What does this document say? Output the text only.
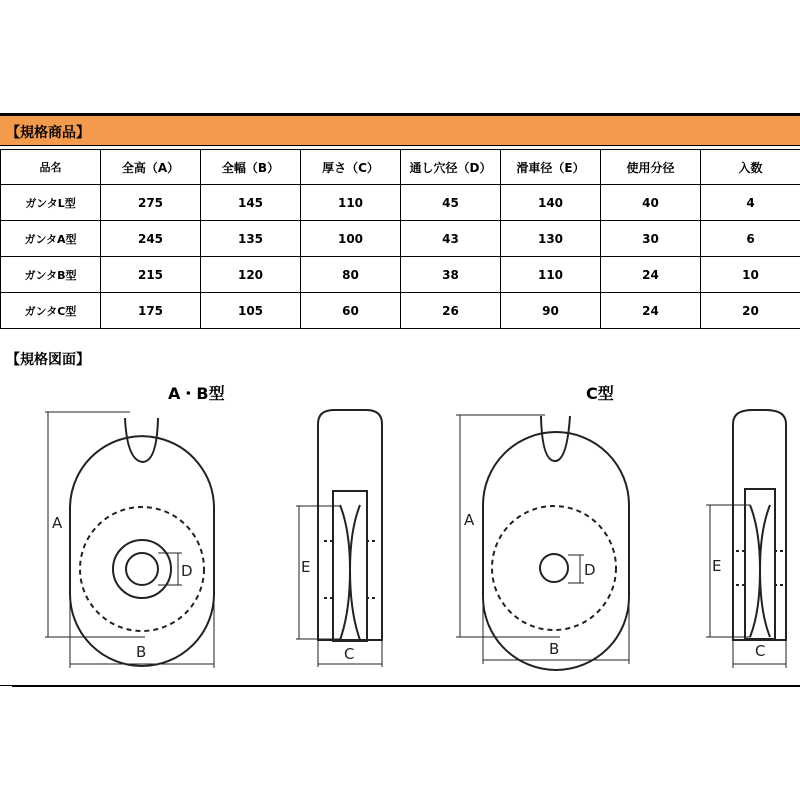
【規格商品】
品名	全高（A）	全幅（B）	厚さ（C）	通し穴径（D）	滑車径（E）	使用分径	入数
ガンタL型	275	145	110	45	140	40	4
ガンタA型	245	135	100	43	130	30	6
ガンタB型	215	120	80	38	110	24	10
ガンタC型	175	105	60	26	90	24	20
【規格図面】
A・B型	C型
A
B
D	E
C
A
B
D	E
C
